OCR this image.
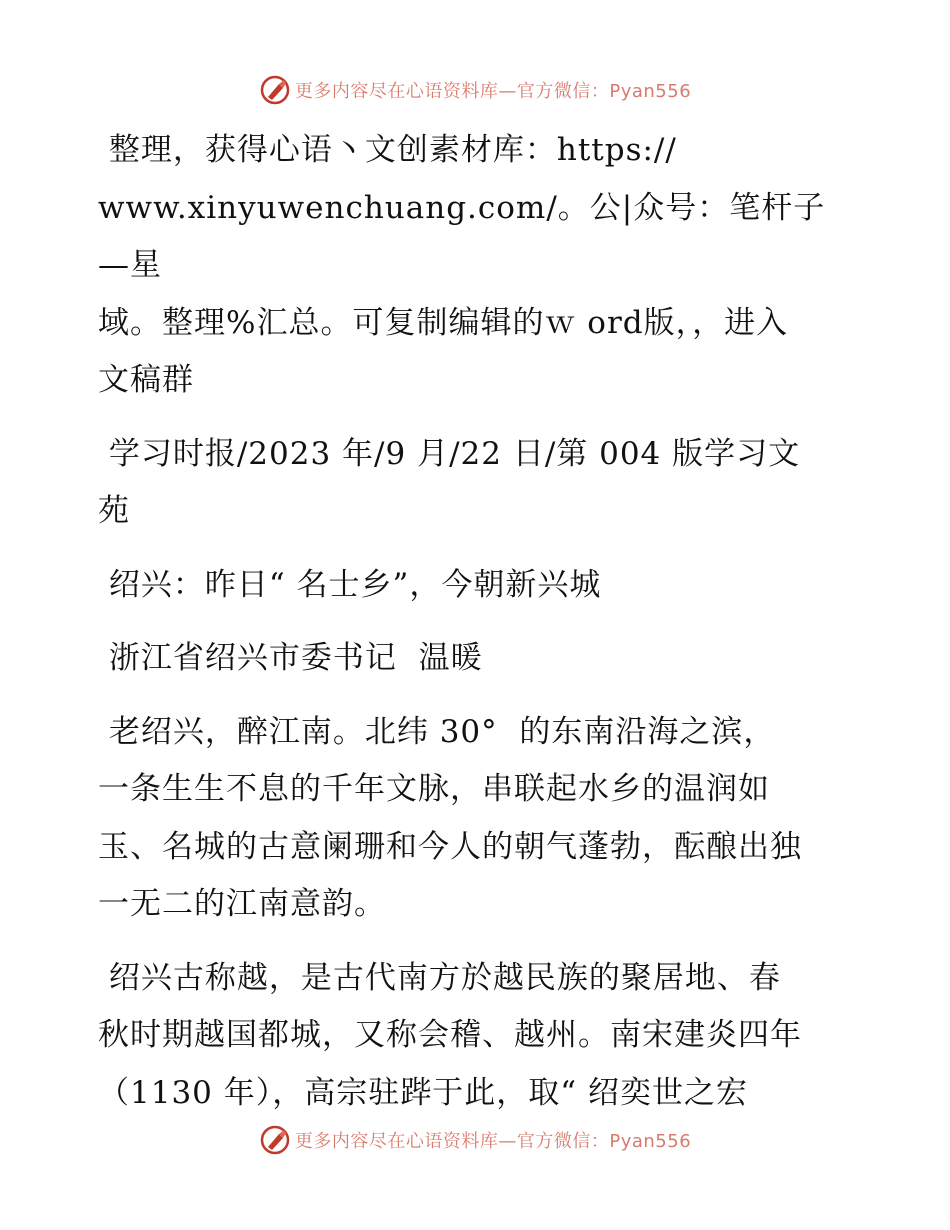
更多内容尽在心语资料库—官方微信：Pyan556

整理，获得心语丶文创素材库：https://
www.xinyuwenchuang.com/。公|众号：笔杆子—星
域。整理%汇总。可复制编辑的ｗ ord版，，进入
文稿群

学习时报/2023 年/9 月/22 日/第 004 版学习文
苑

绍兴：昨日“ 名士乡”，今朝新兴城

浙江省绍兴市委书记  温暖

老绍兴，醉江南。北纬 30°  的东南沿海之滨，
一条生生不息的千年文脉，串联起水乡的温润如
玉、名城的古意阑珊和今人的朝气蓬勃，酝酿出独
一无二的江南意韵。

绍兴古称越，是古代南方於越民族的聚居地、春
秋时期越国都城，又称会稽、越州。南宋建炎四年
（1130 年），高宗驻跸于此，取“ 绍奕世之宏

更多内容尽在心语资料库—官方微信：Pyan556
